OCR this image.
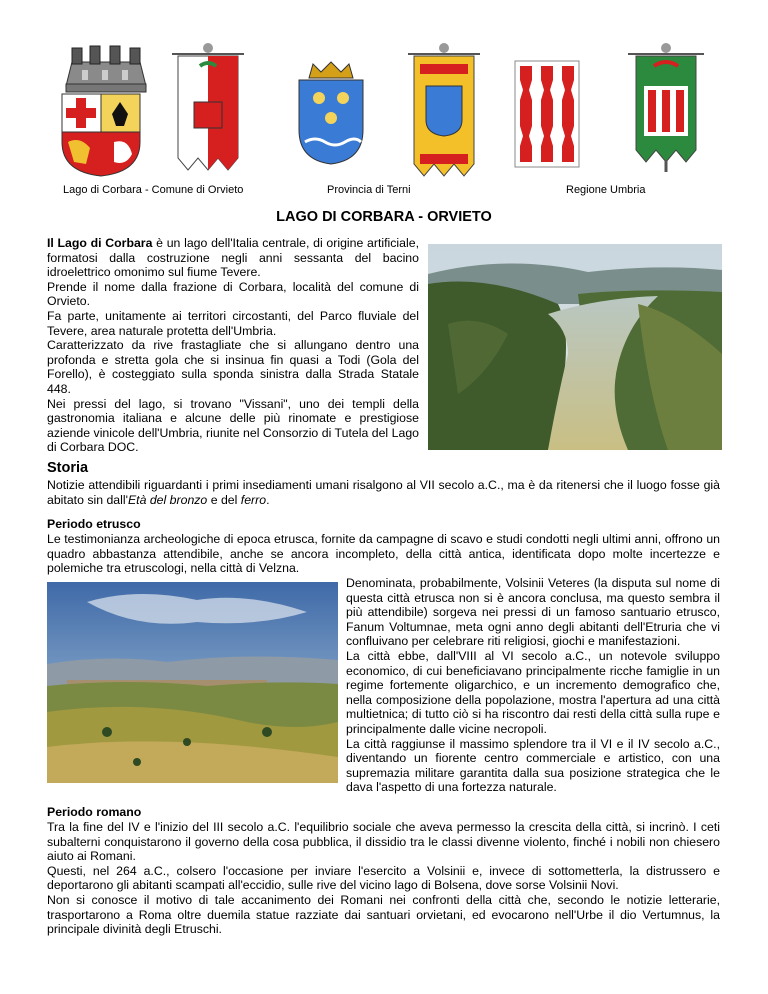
Lago di Corbara - Comune di Orvieto	Provincia di Terni	Regione Umbria
LAGO DI CORBARA - ORVIETO

Il Lago di Corbara è un lago dell'Italia centrale, di origine artificiale, formatosi dalla costruzione negli anni sessanta del bacino idroelettrico omonimo sul fiume Tevere.

Prende il nome dalla frazione di Corbara, località del comune di Orvieto.

Fa parte, unitamente ai territori circostanti, del Parco fluviale del Tevere, area naturale protetta dell'Umbria.

Caratterizzato da rive frastagliate che si allungano dentro una profonda e stretta gola che si insinua fin quasi a Todi (Gola del Forello), è costeggiato sulla sponda sinistra dalla Strada Statale 448.

Nei pressi del lago, si trovano "Vissani", uno dei templi della gastronomia italiana e alcune delle più rinomate e prestigiose aziende vinicole dell'Umbria, riunite nel Consorzio di Tutela del Lago di Corbara DOC.

Storia

Notizie attendibili riguardanti i primi insediamenti umani risalgono al VII secolo a.C., ma è da ritenersi che il luogo fosse già abitato sin dall'Età del bronzo e del ferro.

Periodo etrusco

Le testimonianza archeologiche di epoca etrusca, fornite da campagne di scavo e studi condotti negli ultimi anni, offrono un quadro abbastanza attendibile, anche se ancora incompleto, della città antica, identificata dopo molte incertezze e polemiche tra etruscologi, nella città di Velzna.

Denominata, probabilmente, Volsinii Veteres (la disputa sul nome di questa città etrusca non si è ancora conclusa, ma questo sembra il più attendibile) sorgeva nei pressi di un famoso santuario etrusco, Fanum Voltumnae, meta ogni anno degli abitanti dell'Etruria che vi confluivano per celebrare riti religiosi, giochi e manifestazioni.

La città ebbe, dall'VIII al VI secolo a.C., un notevole sviluppo economico, di cui beneficiavano principalmente ricche famiglie in un regime fortemente oligarchico, e un incremento demografico che, nella composizione della popolazione, mostra l'apertura ad una città multietnica; di tutto ciò si ha riscontro dai resti della città sulla rupe e principalmente dalle vicine necropoli.

La città raggiunse il massimo splendore tra il VI e il IV secolo a.C., diventando un fiorente centro commerciale e artistico, con una supremazia militare garantita dalla sua posizione strategica che le dava l'aspetto di una fortezza naturale.

Periodo romano

Tra la fine del IV e l'inizio del III secolo a.C. l'equilibrio sociale che aveva permesso la crescita della città, si incrinò. I ceti subalterni conquistarono il governo della cosa pubblica, il dissidio tra le classi divenne violento, finché i nobili non chiesero aiuto ai Romani.

Questi, nel 264 a.C., colsero l'occasione per inviare l'esercito a Volsinii e, invece di sottometterla, la distrussero e deportarono gli abitanti scampati all'eccidio, sulle rive del vicino lago di Bolsena, dove sorse Volsinii Novi.

Non si conosce il motivo di tale accanimento dei Romani nei confronti della città che, secondo le notizie letterarie, trasportarono a Roma oltre duemila statue razziate dai santuari orvietani, ed evocarono nell'Urbe il dio Vertumnus, la principale divinità degli Etruschi.
